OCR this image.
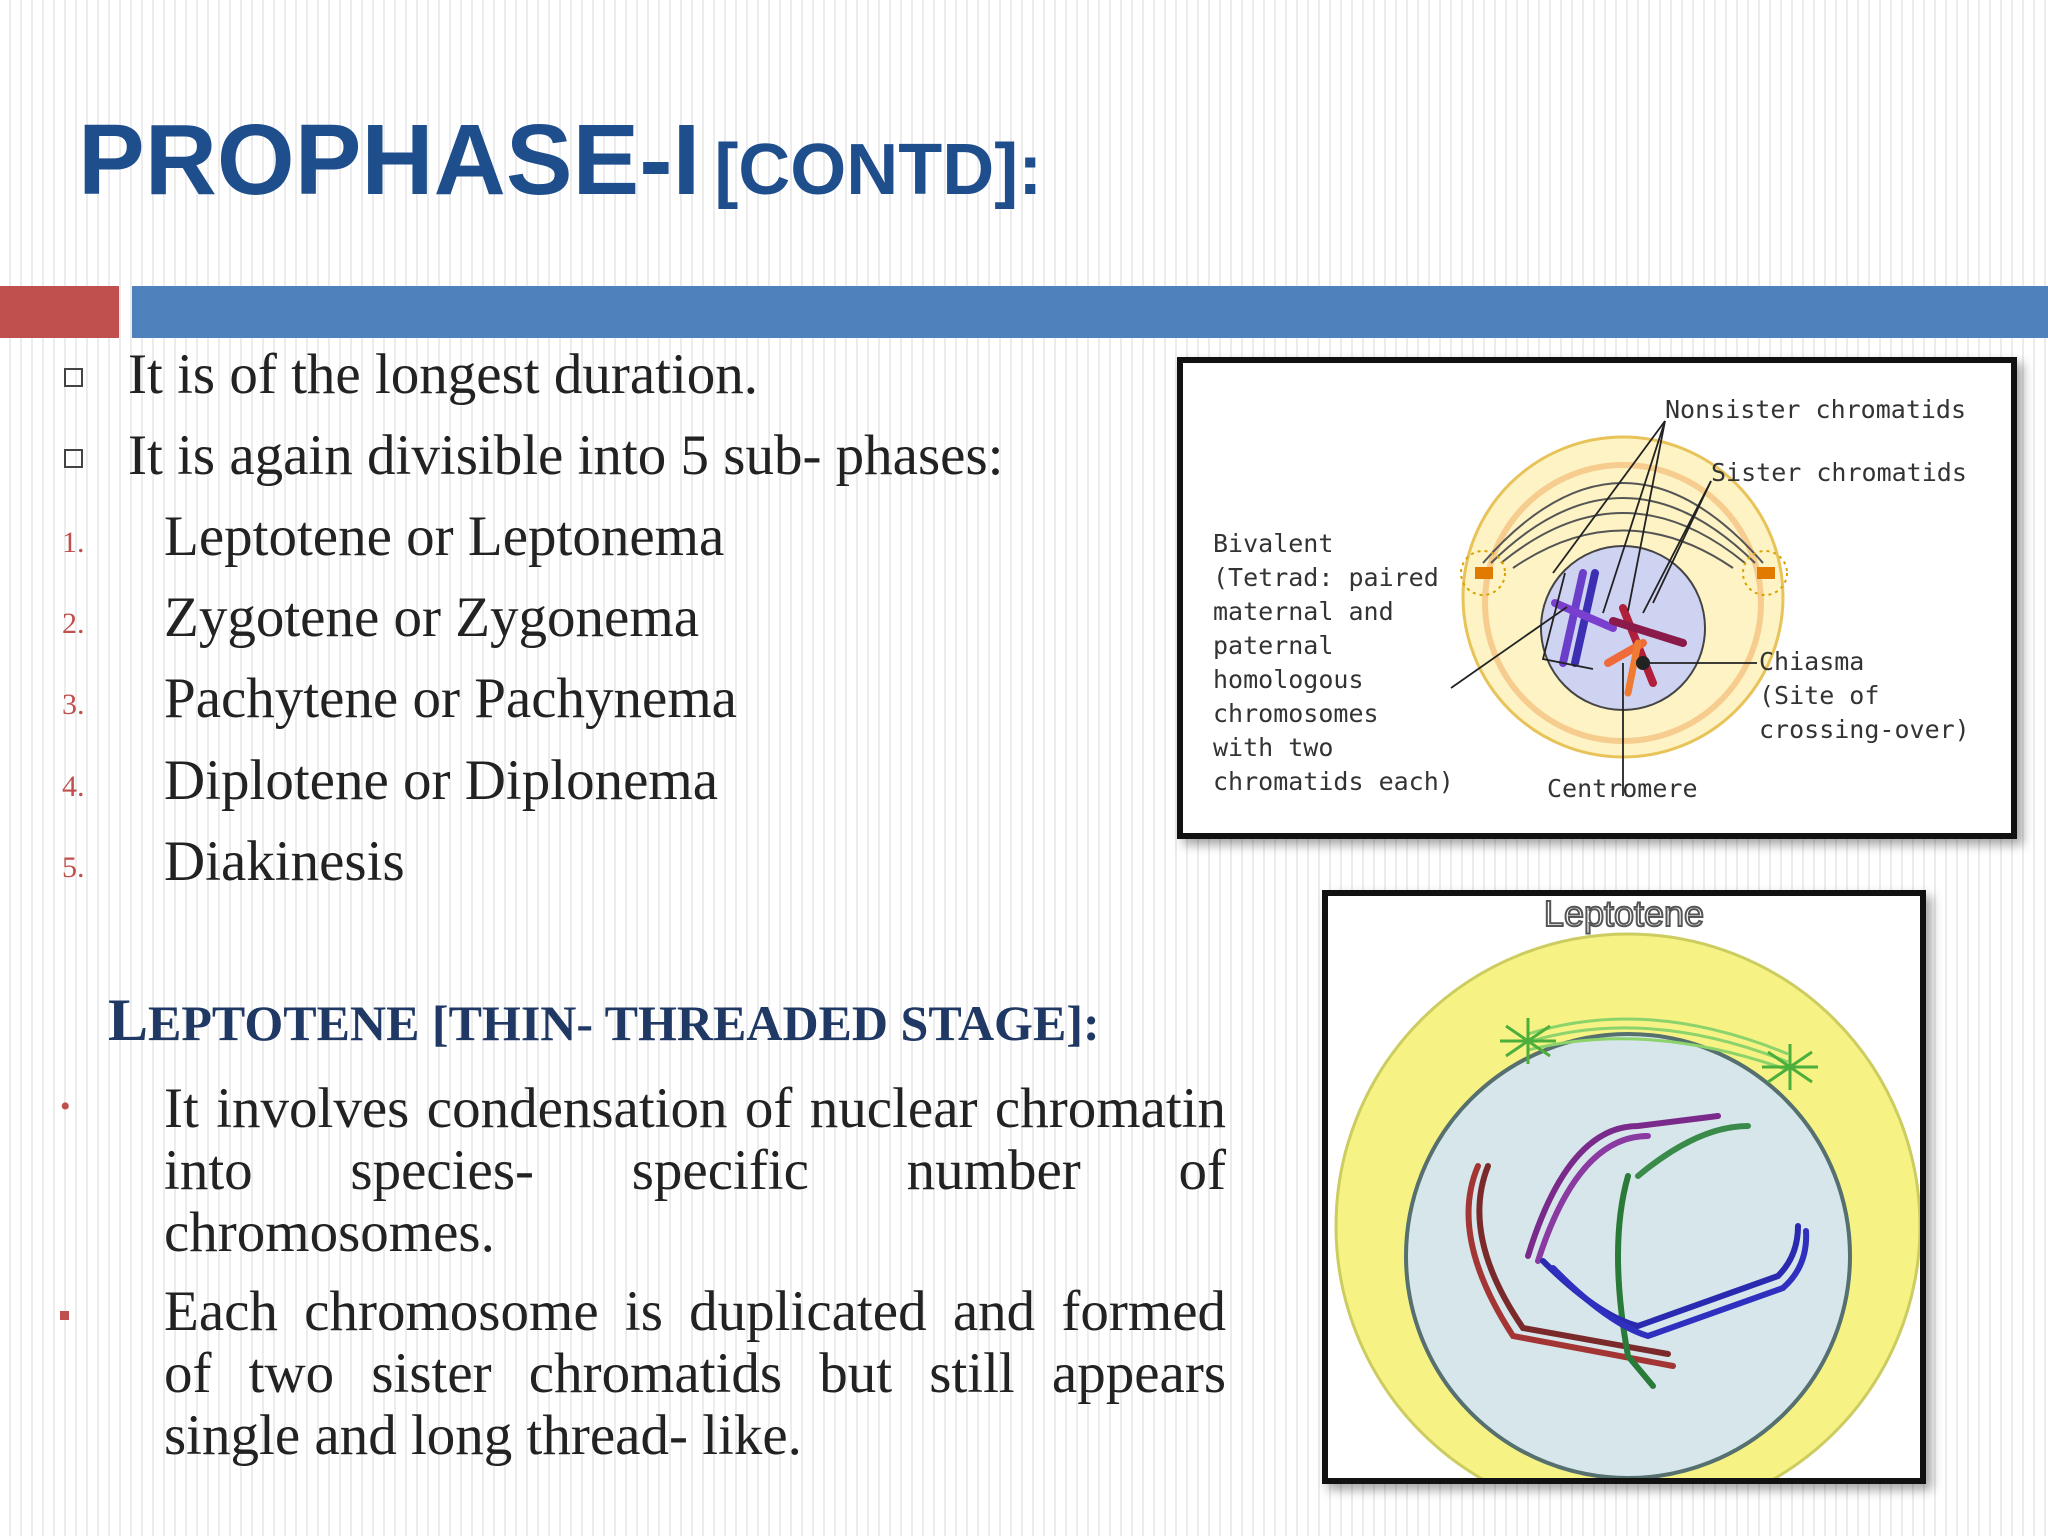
PROPHASE-I [CONTD]:
It is of the longest duration.
It is again divisible into 5 sub- phases:
1. Leptotene or Leptonema
2. Zygotene or Zygonema
3. Pachytene or Pachynema
4. Diplotene or Diplonema
5. Diakinesis
LEPTOTENE [THIN- THREADED STAGE]:
• It involves condensation of nuclear chromatin into species- specific number of chromosomes.

Each chromosome is duplicated and formed of two sister chromatids but still appears single and long thread- like.

Nonsister chromatids
Sister chromatids
Bivalent
(Tetrad: paired
maternal and
paternal
homologous
chromosomes
with two
chromatids each)
Chiasma
(Site of
crossing-over)
Centromere
Leptotene
